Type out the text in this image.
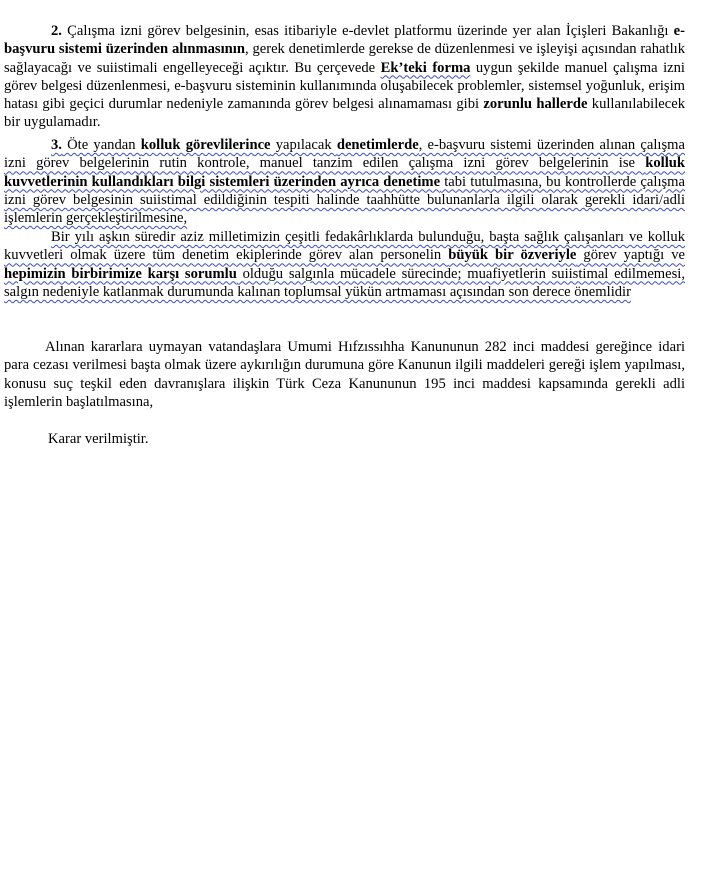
2. Çalışma izni görev belgesinin, esas itibariyle e-devlet platformu üzerinde yer alan İçişleri Bakanlığı e-başvuru sistemi üzerinden alınmasının, gerek denetimlerde gerekse de düzenlenmesi ve işleyişi açısından rahatlık sağlayacağı ve suiistimali engelleyeceği açıktır. Bu çerçevede Ek’teki forma uygun şekilde manuel çalışma izni görev belgesi düzenlenmesi, e-başvuru sisteminin kullanımında oluşabilecek problemler, sistemsel yoğunluk, erişim hatası gibi geçici durumlar nedeniyle zamanında görev belgesi alınamaması gibi zorunlu hallerde kullanılabilecek bir uygulamadır.

3. Öte yandan kolluk görevlilerince yapılacak denetimlerde, e-başvuru sistemi üzerinden alınan çalışma izni görev belgelerinin rutin kontrole, manuel tanzim edilen çalışma izni görev belgelerinin ise kolluk kuvvetlerinin kullandıkları bilgi sistemleri üzerinden ayrıca denetime tabi tutulmasına, bu kontrollerde çalışma izni görev belgesinin suiistimal edildiğinin tespiti halinde taahhütte bulunanlarla ilgili olarak gerekli idari/adli işlemlerin gerçekleştirilmesine,

Bir yılı aşkın süredir aziz milletimizin çeşitli fedakârlıklarda bulunduğu, başta sağlık çalışanları ve kolluk kuvvetleri olmak üzere tüm denetim ekiplerinde görev alan personelin büyük bir özveriyle görev yaptığı ve hepimizin birbirimize karşı sorumlu olduğu salgınla mücadele sürecinde; muafiyetlerin suiistimal edilmemesi, salgın nedeniyle katlanmak durumunda kalınan toplumsal yükün artmaması açısından son derece önemlidir

Alınan kararlara uymayan vatandaşlara Umumi Hıfzıssıhha Kanununun 282 inci maddesi gereğince idari para cezası verilmesi başta olmak üzere aykırılığın durumuna göre Kanunun ilgili maddeleri gereği işlem yapılması, konusu suç teşkil eden davranışlara ilişkin Türk Ceza Kanununun 195 inci maddesi kapsamında gerekli adli işlemlerin başlatılmasına,

Karar verilmiştir.
